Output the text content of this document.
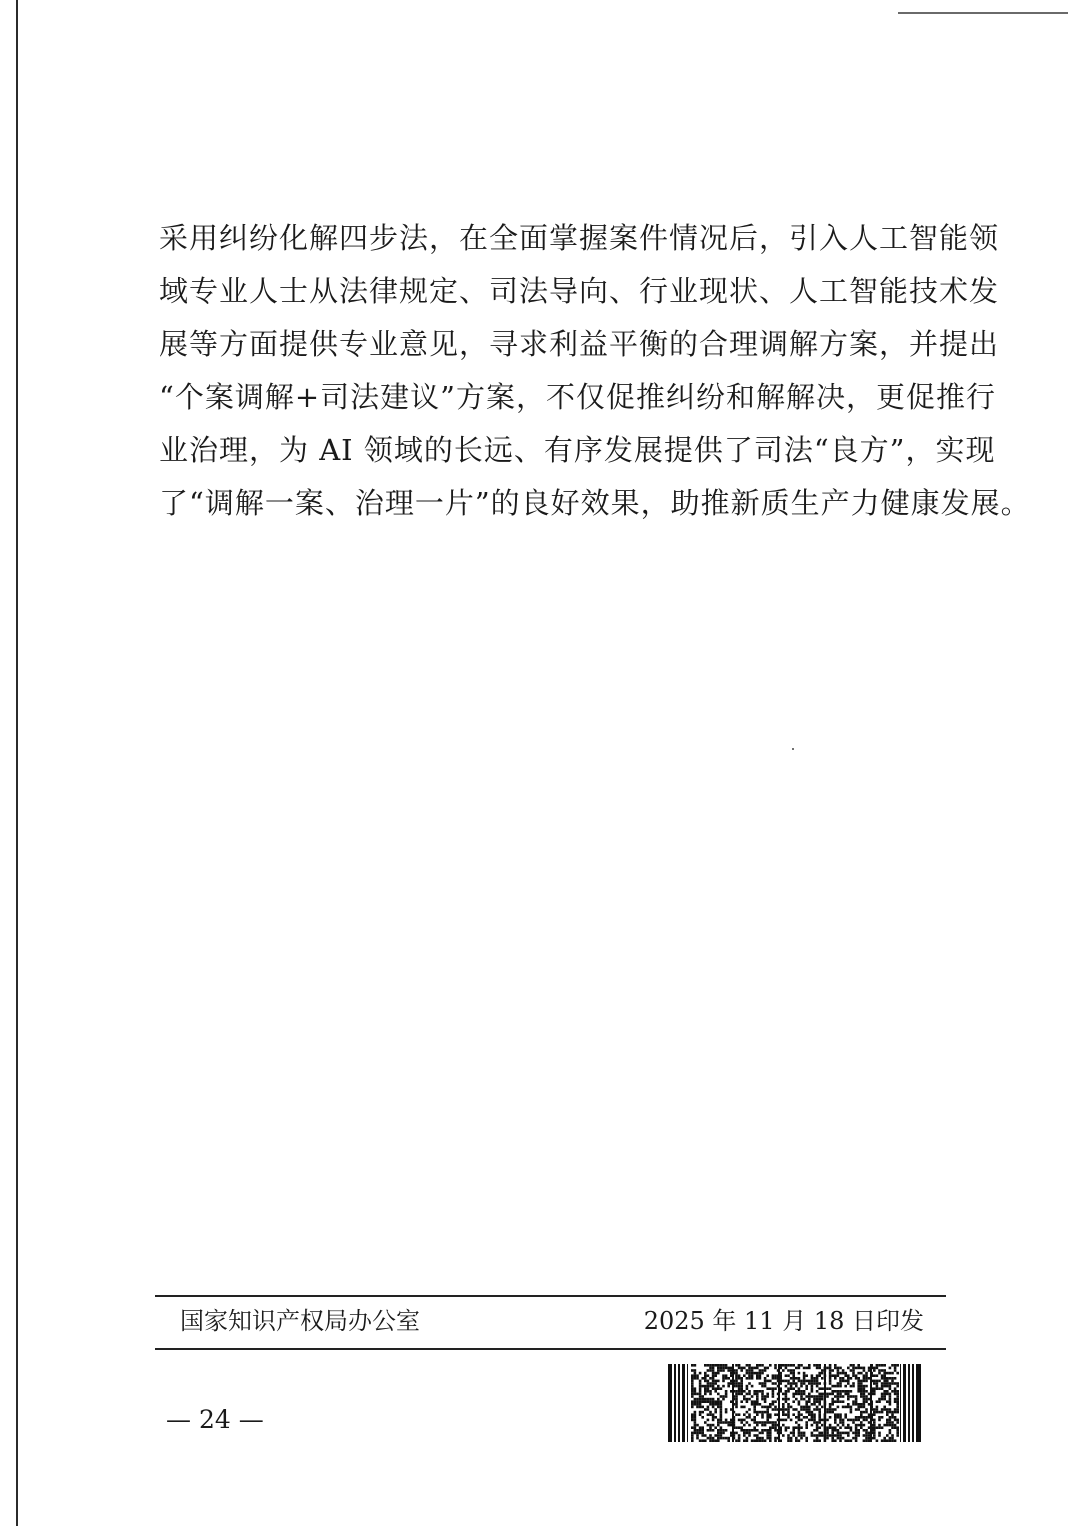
采用纠纷化解四步法，在全面掌握案件情况后，引入人工智能领
域专业人士从法律规定、司法导向、行业现状、人工智能技术发
展等方面提供专业意见，寻求利益平衡的合理调解方案，并提出
“个案调解+司法建议”方案，不仅促推纠纷和解解决，更促推行
业治理，为 AI 领域的长远、有序发展提供了司法“良方”，实现
了“调解一案、治理一片”的良好效果，助推新质生产力健康发展。
国家知识产权局办公室	2025 年 11 月 18 日印发
— 24 —
